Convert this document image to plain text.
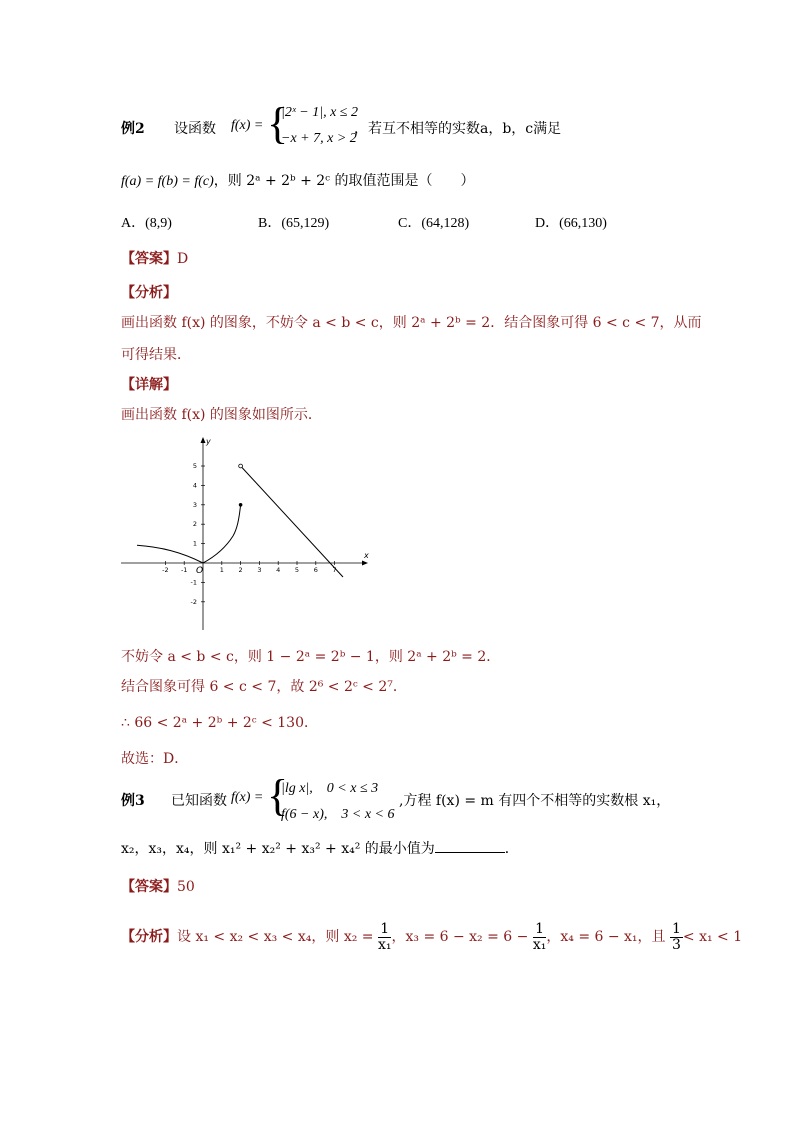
例2 设函数 f(x) = {
|2ˣ − 1|, x ≤ 2
−x + 7, x > 2
，若互不相等的实数a，b，c满足
f(a) = f(b) = f(c)，则 2ᵃ + 2ᵇ + 2ᶜ 的取值范围是（　　）
A．(8,9)	B．(65,129)	C．(64,128)	D．(66,130)
【答案】D
【分析】
画出函数 f(x) 的图象，不妨令 a < b < c，则 2ᵃ + 2ᵇ = 2．结合图象可得 6 < c < 7，从而
可得结果．
【详解】
画出函数 f(x) 的图象如图所示．
x
y
O
-2 -1	1 2 3 4 5 6 7
5
4
3
2
1
-1
-2
不妨令 a < b < c，则 1 − 2ᵃ = 2ᵇ − 1，则 2ᵃ + 2ᵇ = 2．
结合图象可得 6 < c < 7，故 2⁶ < 2ᶜ < 2⁷．
∴ 66 < 2ᵃ + 2ᵇ + 2ᶜ < 130．
故选：D．
例3 已知函数 f(x) = {
|lg x|,　0 < x ≤ 3
f(6 − x),　3 < x < 6
,方程 f(x) = m 有四个不相等的实数根 x₁，
x₂，x₃，x₄，则 x₁² + x₂² + x₃² + x₄² 的最小值为	．
【答案】50
【分析】设 x₁ < x₂ < x₃ < x₄，则 $x_2 = \frac{1}{\text{x₁}}$ ，$x_3 = 6 - x_2 = 6 - \frac{1}{\text{x₁}}$ ，x₄ = 6 − x₁，且 $\frac{1}{3} < x_1 < 1$
